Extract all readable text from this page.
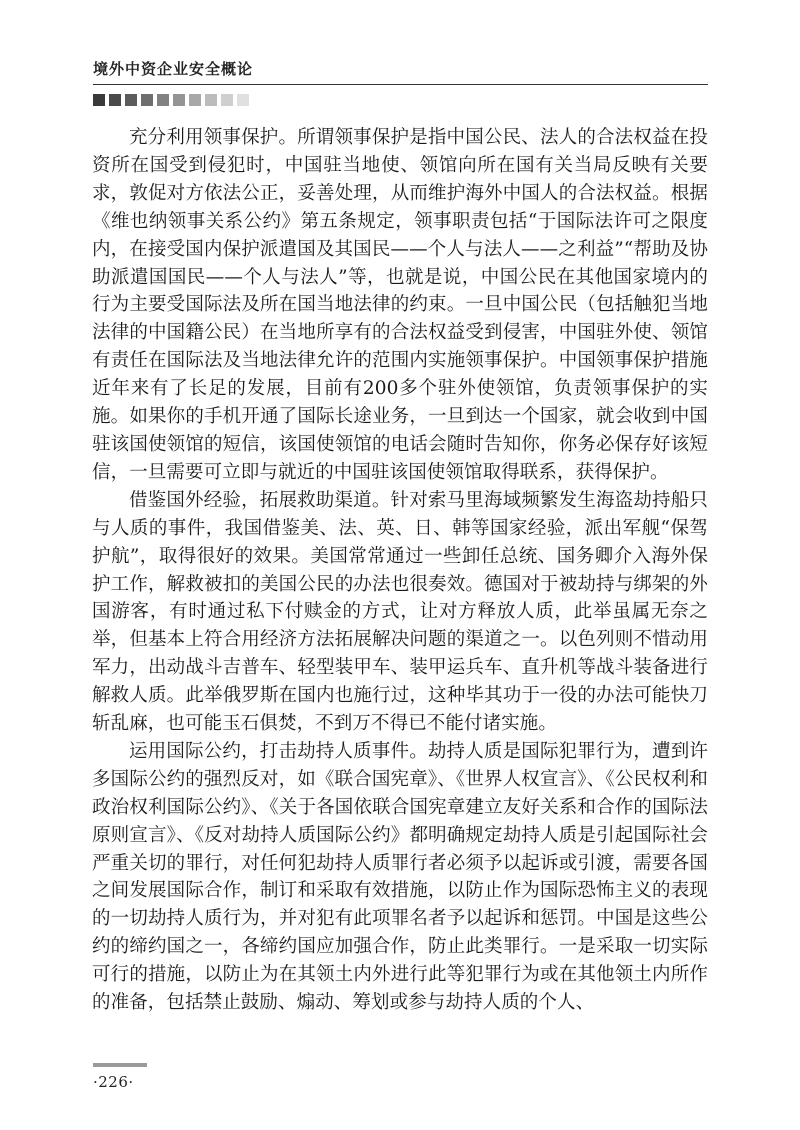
境外中资企业安全概论

充分利用领事保护。所谓领事保护是指中国公民、法人的合法权益在投资所在国受到侵犯时，中国驻当地使、领馆向所在国有关当局反映有关要求，敦促对方依法公正，妥善处理，从而维护海外中国人的合法权益。根据《维也纳领事关系公约》第五条规定，领事职责包括“于国际法许可之限度内，在接受国内保护派遣国及其国民——个人与法人——之利益”“帮助及协助派遣国国民——个人与法人”等，也就是说，中国公民在其他国家境内的行为主要受国际法及所在国当地法律的约束。一旦中国公民（包括触犯当地法律的中国籍公民）在当地所享有的合法权益受到侵害，中国驻外使、领馆有责任在国际法及当地法律允许的范围内实施领事保护。中国领事保护措施近年来有了长足的发展，目前有200多个驻外使领馆，负责领事保护的实施。如果你的手机开通了国际长途业务，一旦到达一个国家，就会收到中国驻该国使领馆的短信，该国使领馆的电话会随时告知你，你务必保存好该短信，一旦需要可立即与就近的中国驻该国使领馆取得联系，获得保护。

借鉴国外经验，拓展救助渠道。针对索马里海域频繁发生海盗劫持船只与人质的事件，我国借鉴美、法、英、日、韩等国家经验，派出军舰“保驾护航”，取得很好的效果。美国常常通过一些卸任总统、国务卿介入海外保护工作，解救被扣的美国公民的办法也很奏效。德国对于被劫持与绑架的外国游客，有时通过私下付赎金的方式，让对方释放人质，此举虽属无奈之举，但基本上符合用经济方法拓展解决问题的渠道之一。以色列则不惜动用军力，出动战斗吉普车、轻型装甲车、装甲运兵车、直升机等战斗装备进行解救人质。此举俄罗斯在国内也施行过，这种毕其功于一役的办法可能快刀斩乱麻，也可能玉石俱焚，不到万不得已不能付诸实施。

运用国际公约，打击劫持人质事件。劫持人质是国际犯罪行为，遭到许多国际公约的强烈反对，如《联合国宪章》、《世界人权宣言》、《公民权利和政治权利国际公约》、《关于各国依联合国宪章建立友好关系和合作的国际法原则宣言》、《反对劫持人质国际公约》都明确规定劫持人质是引起国际社会严重关切的罪行，对任何犯劫持人质罪行者必须予以起诉或引渡，需要各国之间发展国际合作，制订和采取有效措施，以防止作为国际恐怖主义的表现的一切劫持人质行为，并对犯有此项罪名者予以起诉和惩罚。中国是这些公约的缔约国之一，各缔约国应加强合作，防止此类罪行。一是采取一切实际可行的措施，以防止为在其领土内外进行此等犯罪行为或在其他领土内所作的准备，包括禁止鼓励、煽动、筹划或参与劫持人质的个人、

·226·
